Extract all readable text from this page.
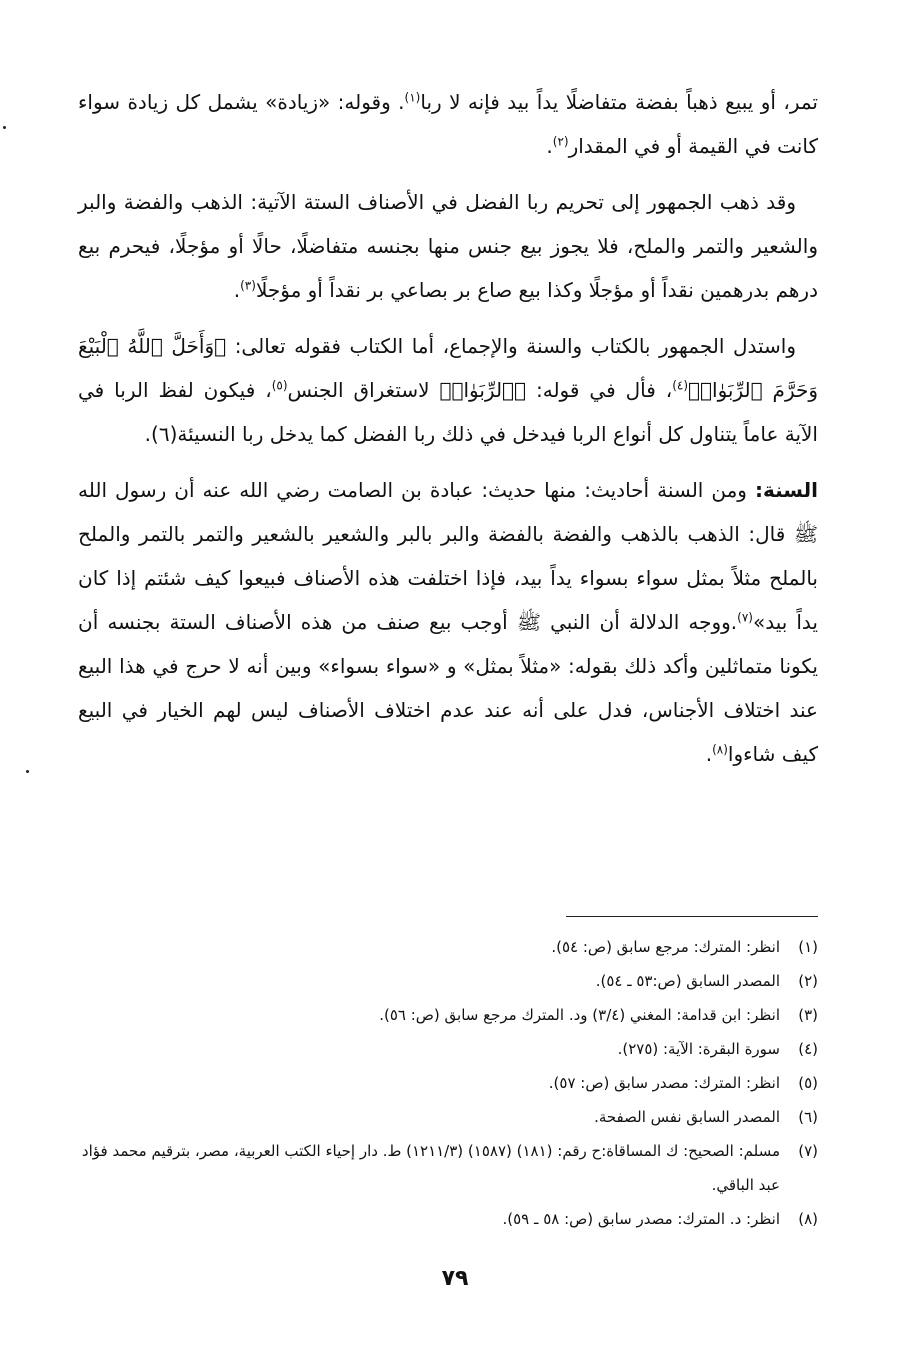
تمر، أو يبيع ذهباً بفضة متفاضلًا يداً بيد فإنه لا ربا$^{(١)}$. وقوله: «زيادة» يشمل كل زيادة سواء كانت في القيمة أو في المقدار$^{(٢)}$.

وقد ذهب الجمهور إلى تحريم ربا الفضل في الأصناف الستة الآتية: الذهب والفضة والبر والشعير والتمر والملح، فلا يجوز بيع جنس منها بجنسه متفاضلًا، حالًا أو مؤجلًا، فيحرم بيع درهم بدرهمين نقداً أو مؤجلًا وكذا بيع صاع بر بصاعي بر نقداً أو مؤجلًا$^{(٣)}$.

واستدل الجمهور بالكتاب والسنة والإجماع، أما الكتاب فقوله تعالى: ﴿وَأَحَلَّ ٱللَّهُ ٱلْبَيْعَ وَحَرَّمَ ٱلرِّبَوٰا۟﴾$^{(٤)}$، فأل في قوله: ﴿ٱلرِّبَوٰا۟﴾ لاستغراق الجنس$^{(٥)}$، فيكون لفظ الربا في الآية عاماً يتناول كل أنواع الربا فيدخل في ذلك ربا الفضل كما يدخل ربا النسيئة(٦).

السنة: ومن السنة أحاديث: منها حديث: عبادة بن الصامت رضي الله عنه أن رسول الله ﷺ قال: الذهب بالذهب والفضة بالفضة والبر بالبر والشعير بالشعير والتمر بالتمر والملح بالملح مثلاً بمثل سواء بسواء يداً بيد، فإذا اختلفت هذه الأصناف فبيعوا كيف شئتم إذا كان يداً بيد»$^{(٧)}$.ووجه الدلالة أن النبي ﷺ أوجب بيع صنف من هذه الأصناف الستة بجنسه أن يكونا متماثلين وأكد ذلك بقوله: «مثلاً بمثل» و «سواء بسواء» وبين أنه لا حرج في هذا البيع عند اختلاف الأجناس، فدل على أنه عند عدم اختلاف الأصناف ليس لهم الخيار في البيع كيف شاءوا$^{(٨)}$.

(١)
انظر: المترك: مرجع سابق (ص: ٥٤).
(٢)
المصدر السابق (ص:٥٣ ـ ٥٤).
(٣)
انظر: ابن قدامة: المغني (٣/٤) ود. المترك مرجع سابق (ص: ٥٦).
(٤)
سورة البقرة: الآية: (٢٧٥).
(٥)
انظر: المترك: مصدر سابق (ص: ٥٧).
(٦)
المصدر السابق نفس الصفحة.
(٧)
مسلم: الصحيح: ك المساقاة:ح رقم: (١٨١) (١٥٨٧) (١٢١١/٣) ط. دار إحياء الكتب العربية، مصر، بترقيم محمد فؤاد عبد الباقي.
(٨)
انظر: د. المترك: مصدر سابق (ص: ٥٨ ـ ٥٩).
٧٩
